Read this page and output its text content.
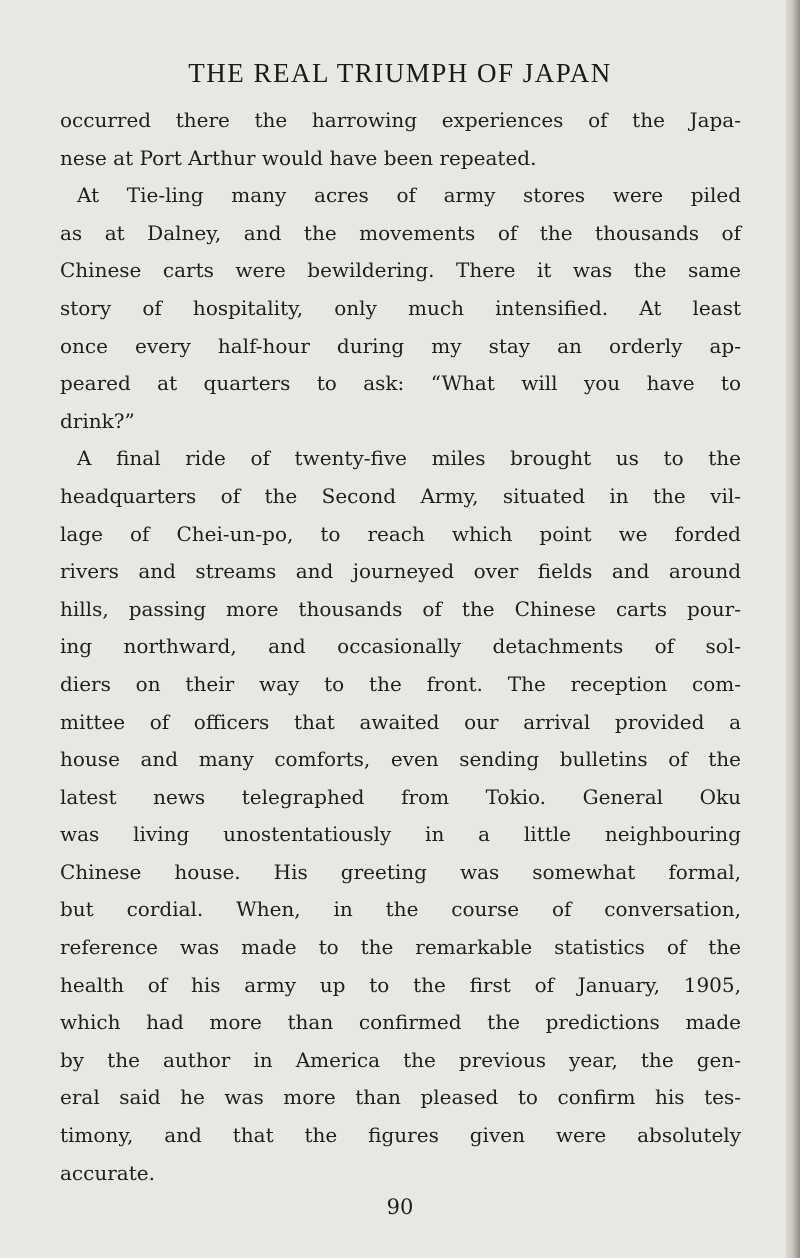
THE REAL TRIUMPH OF JAPAN
occurred there the harrowing experiences of the Japa-
nese at Port Arthur would have been repeated.
At Tie-ling many acres of army stores were piled
as at Dalney, and the movements of the thousands of
Chinese carts were bewildering. There it was the same
story of hospitality, only much intensified. At least
once every half-hour during my stay an orderly ap-
peared at quarters to ask: “What will you have to
drink?”
A final ride of twenty-five miles brought us to the
headquarters of the Second Army, situated in the vil-
lage of Chei-un-po, to reach which point we forded
rivers and streams and journeyed over fields and around
hills, passing more thousands of the Chinese carts pour-
ing northward, and occasionally detachments of sol-
diers on their way to the front. The reception com-
mittee of officers that awaited our arrival provided a
house and many comforts, even sending bulletins of the
latest news telegraphed from Tokio. General Oku
was living unostentatiously in a little neighbouring
Chinese house. His greeting was somewhat formal,
but cordial. When, in the course of conversation,
reference was made to the remarkable statistics of the
health of his army up to the first of January, 1905,
which had more than confirmed the predictions made
by the author in America the previous year, the gen-
eral said he was more than pleased to confirm his tes-
timony, and that the figures given were absolutely
accurate.
90
